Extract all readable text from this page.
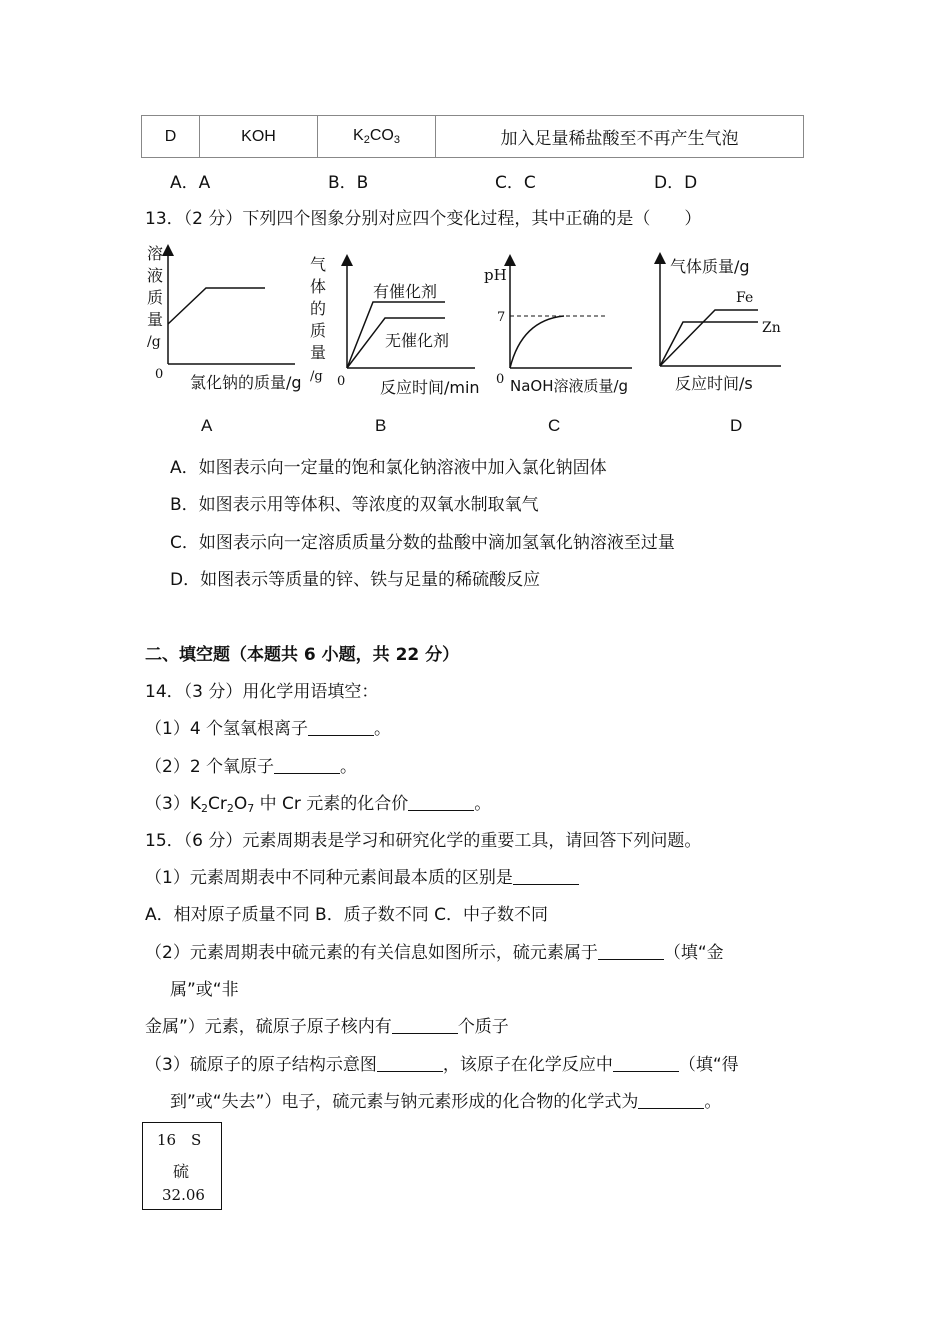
D	KOH	$K_2CO_3$	加入足量稀盐酸至不再产生气泡
A．A	B．B	C．C	D．D
13．（2 分）下列四个图象分别对应四个变化过程，其中正确的是（　　）
溶
液
质
量
/g
0 氯化钠的质量/g
气
体
的
质
量
/g 0
有催化剂
无催化剂
反应时间/min
pH
7
0 NaOH溶液质量/g
气体质量/g
Fe
Zn
反应时间/s
A	B	C	D
A．如图表示向一定量的饱和氯化钠溶液中加入氯化钠固体
B．如图表示用等体积、等浓度的双氧水制取氧气
C．如图表示向一定溶质质量分数的盐酸中滴加氢氧化钠溶液至过量
D．如图表示等质量的锌、铁与足量的稀硫酸反应
二、填空题（本题共 6 小题，共 22 分）
14．（3 分）用化学用语填空：
（1）4 个氢氧根离子	。
（2）2 个氧原子	。
$(3)K_2Cr_2O_7$ 中 Cr 元素的化合价	。
15．（6 分）元素周期表是学习和研究化学的重要工具，请回答下列问题。
（1）元素周期表中不同种元素间最本质的区别是
A．相对原子质量不同 B．质子数不同 C．中子数不同
（2）元素周期表中硫元素的有关信息如图所示，硫元素属于	（填“金
属”或“非
金属”）元素，硫原子原子核内有	个质子
（3）硫原子的原子结构示意图	，该原子在化学反应中	（填“得
到”或“失去”）电子，硫元素与钠元素形成的化合物的化学式为	。
16 S
硫
32.06
